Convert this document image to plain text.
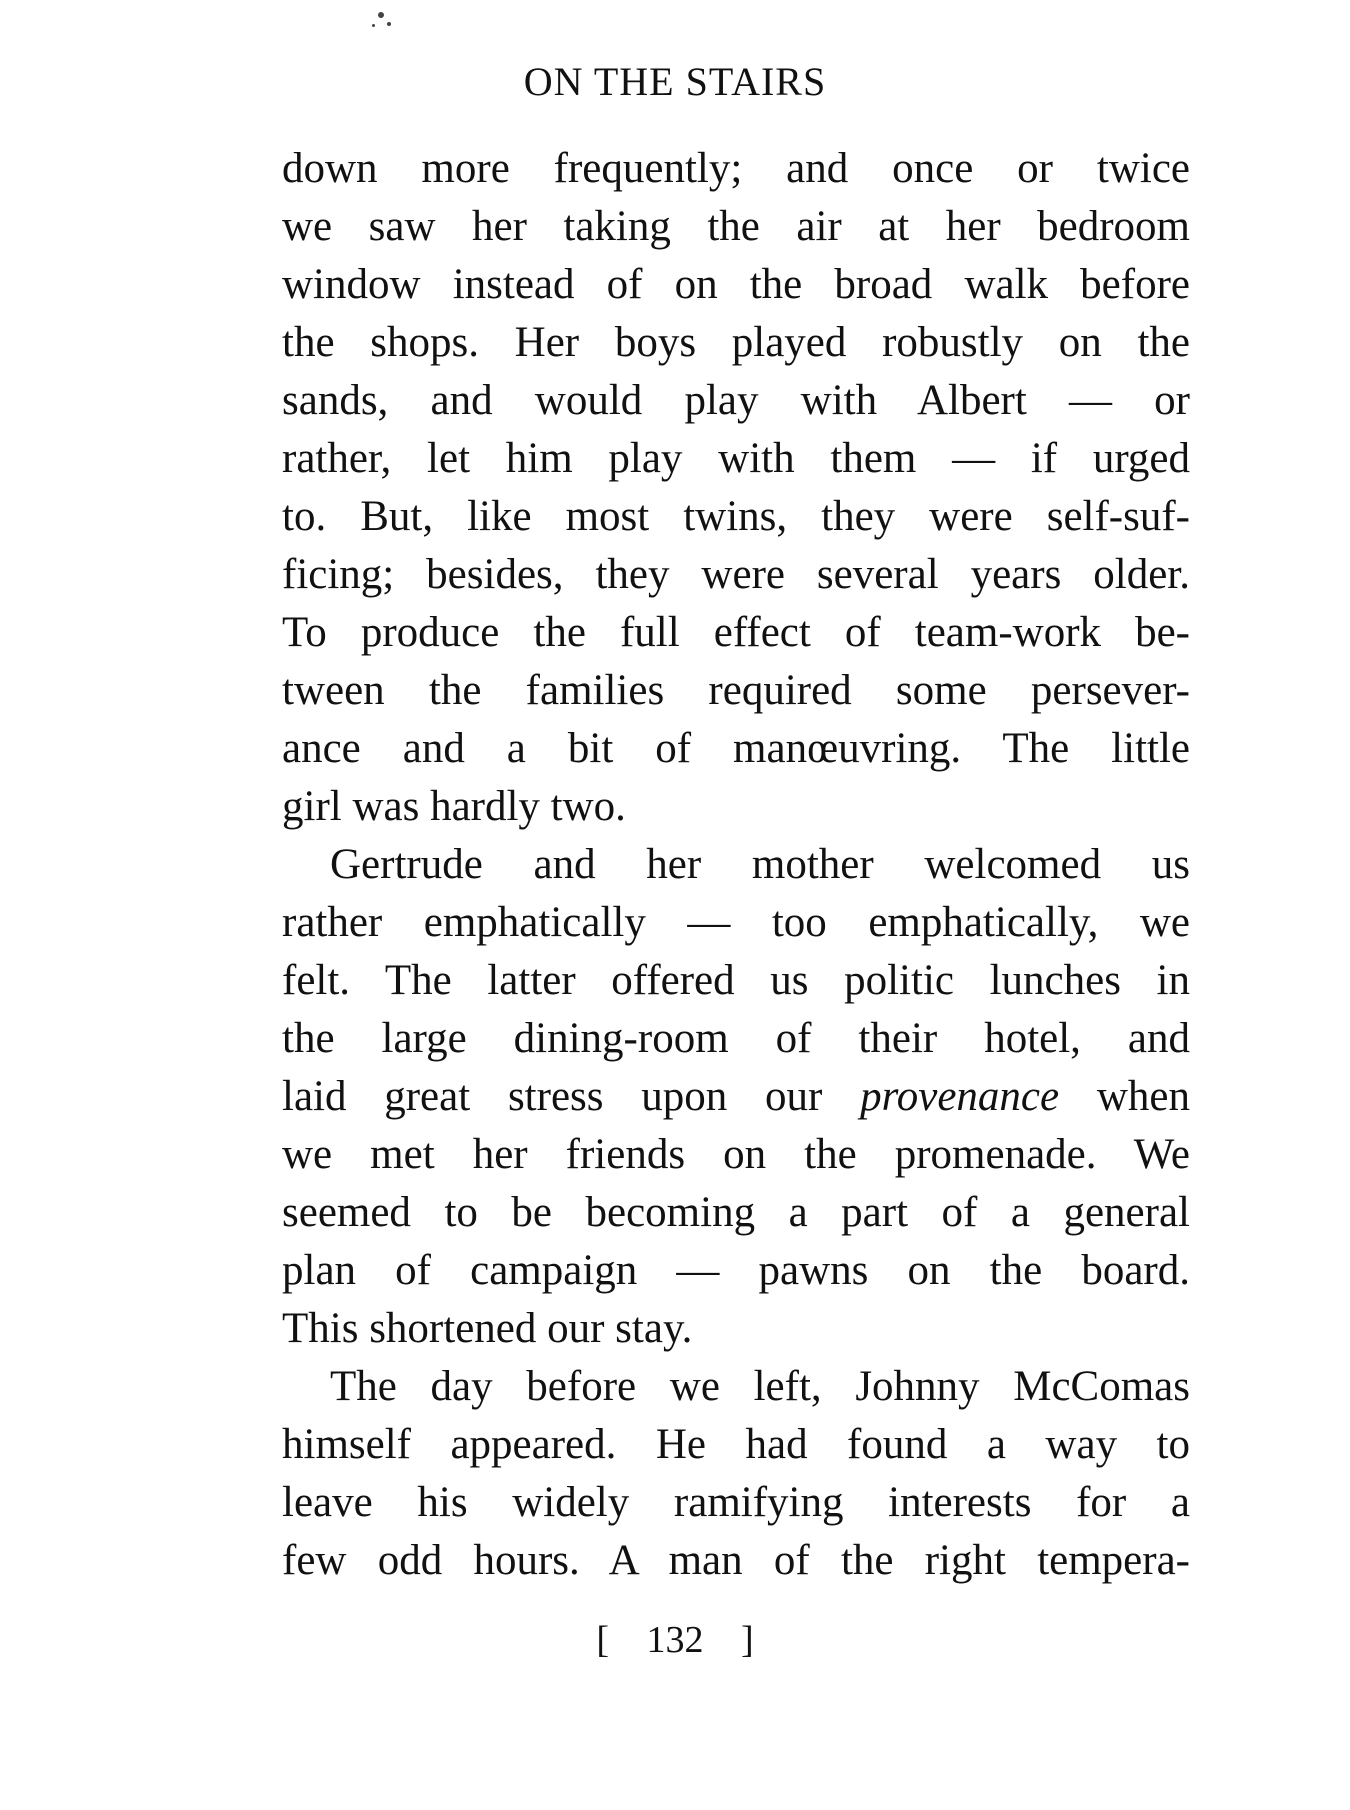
ON THE STAIRS
down more frequently; and once or twice
we saw her taking the air at her bedroom
window instead of on the broad walk before
the shops. Her boys played robustly on the
sands, and would play with Albert — or
rather, let him play with them — if urged
to. But, like most twins, they were self-suf-
ficing; besides, they were several years older.
To produce the full effect of team-work be-
tween the families required some persever-
ance and a bit of manœuvring. The little
girl was hardly two.
Gertrude and her mother welcomed us
rather emphatically — too emphatically, we
felt. The latter offered us politic lunches in
the large dining-room of their hotel, and
laid great stress upon our provenance when
we met her friends on the promenade. We
seemed to be becoming a part of a general
plan of campaign — pawns on the board.
This shortened our stay.
The day before we left, Johnny McComas
himself appeared. He had found a way to
leave his widely ramifying interests for a
few odd hours. A man of the right tempera-
[ 132 ]
